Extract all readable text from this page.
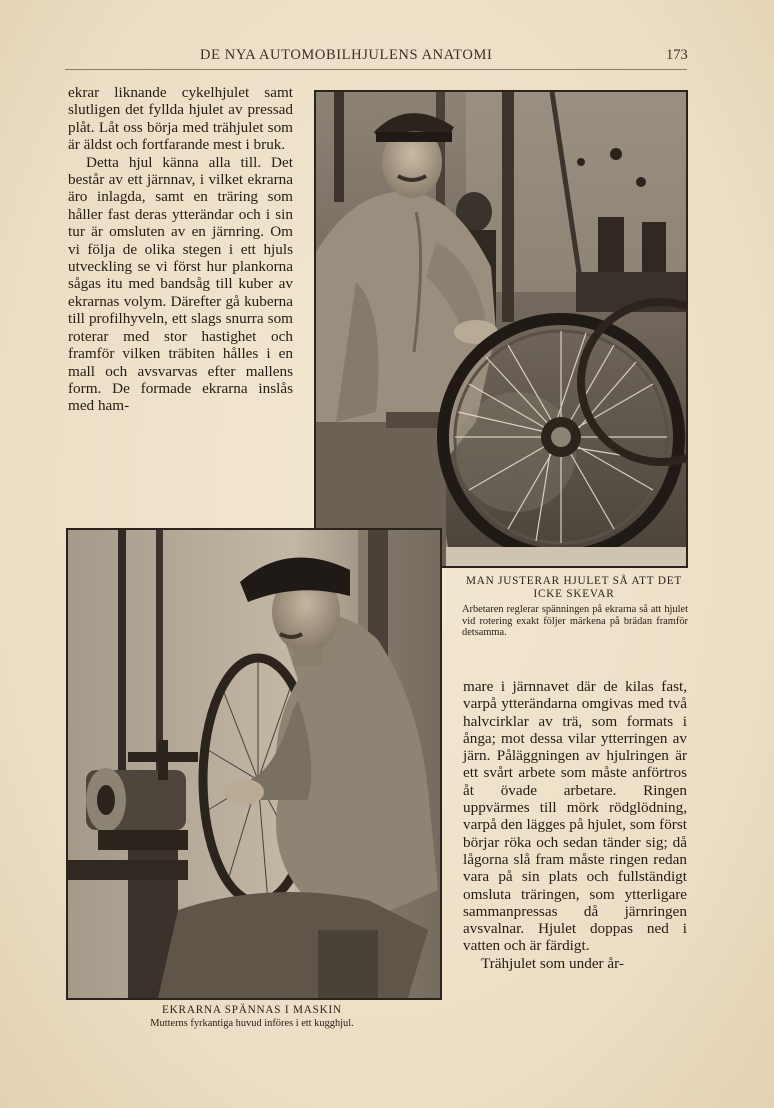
DE NYA AUTOMOBILHJULENS ANATOMI	173

ekrar liknande cykelhjulet samt slutligen det fyllda hjulet av pressad plåt. Låt oss börja med trähjulet som är äldst och fortfarande mest i bruk.

Detta hjul känna alla till. Det består av ett järnnav, i vilket ekrarna äro inlagda, samt en träring som håller fast deras ytterändar och i sin tur är omsluten av en järnring. Om vi följa de olika stegen i ett hjuls utveckling se vi först hur plankorna sågas itu med bandsåg till kuber av ekrarnas volym. Därefter gå kuberna till profilhyveln, ett slags snurra som roterar med stor hastighet och framför vilken träbiten hålles i en mall och avsvarvas efter mallens form. De formade ekrarna inslås med ham-

MAN JUSTERAR HJULET SÅ ATT DET ICKE SKEVAR
Arbetaren reglerar spänningen på ekrarna så att hjulet vid rotering exakt följer märkena på brädan framför detsamma.
EKRARNA SPÄNNAS I MASKIN
Mutterns fyrkantiga huvud införes i ett kugghjul.

mare i järnnavet där de kilas fast, varpå ytterändarna omgivas med två halvcirklar av trä, som formats i ånga; mot dessa vilar ytterringen av järn. Påläggningen av hjulringen är ett svårt arbete som måste anförtros åt övade arbetare. Ringen uppvärmes till mörk rödglödning, varpå den lägges på hjulet, som först börjar röka och sedan tänder sig; då lågorna slå fram måste ringen redan vara på sin plats och fullständigt omsluta träringen, som ytterligare sammanpressas då järnringen avsvalnar. Hjulet doppas ned i vatten och är färdigt.

Trähjulet som under år-
